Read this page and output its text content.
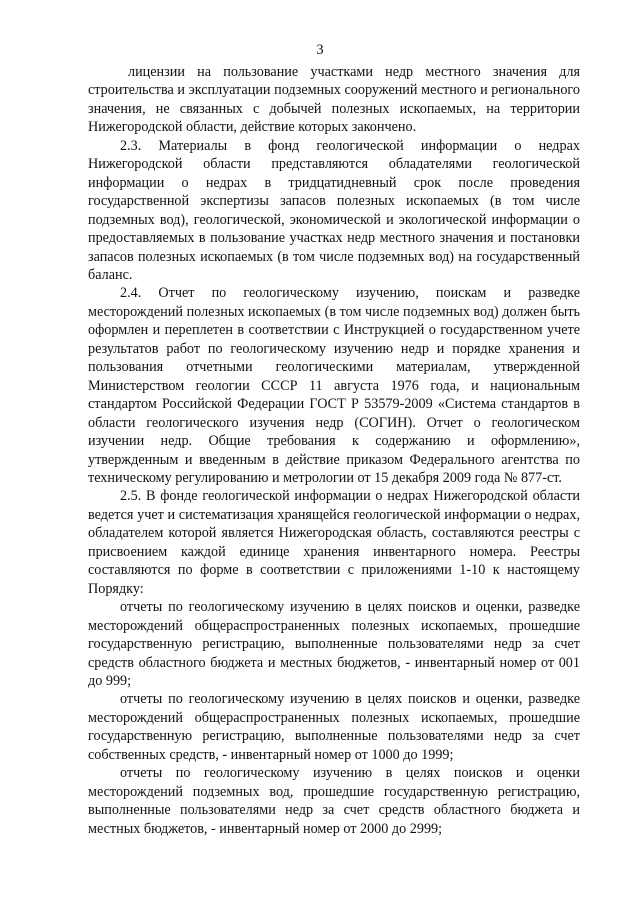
3

лицензии на пользование участками недр местного значения для строительства и эксплуатации подземных сооружений местного и регионального значения, не связанных с добычей полезных ископаемых, на территории Нижегородской области, действие которых закончено.

2.3. Материалы в фонд геологической информации о недрах Нижегородской области представляются обладателями геологической информации о недрах в тридцатидневный срок после проведения государственной экспертизы запасов полезных ископаемых (в том числе подземных вод), геологической, экономической и экологической информации о предоставляемых в пользование участках недр местного значения и постановки запасов полезных ископаемых (в том числе подземных вод) на государственный баланс.

2.4. Отчет по геологическому изучению, поискам и разведке месторождений полезных ископаемых (в том числе подземных вод) должен быть оформлен и переплетен в соответствии с Инструкцией о государственном учете результатов работ по геологическому изучению недр и порядке хранения и пользования отчетными геологическими материалам, утвержденной Министерством геологии СССР 11 августа 1976 года, и национальным стандартом Российской Федерации ГОСТ Р 53579-2009 «Система стандартов в области геологического изучения недр (СОГИН). Отчет о геологическом изучении недр. Общие требования к содержанию и оформлению», утвержденным и введенным в действие приказом Федерального агентства по техническому регулированию и метрологии от 15 декабря 2009 года № 877-ст.

2.5. В фонде геологической информации о недрах Нижегородской области ведется учет и систематизация хранящейся геологической информации о недрах, обладателем которой является Нижегородская область, составляются реестры с присвоением каждой единице хранения инвентарного номера. Реестры составляются по форме в соответствии с приложениями 1-10 к настоящему Порядку:

отчеты по геологическому изучению в целях поисков и оценки, разведке месторождений общераспространенных полезных ископаемых, прошедшие государственную регистрацию, выполненные пользователями недр за счет средств областного бюджета и местных бюджетов, - инвентарный номер от 001 до 999;

отчеты по геологическому изучению в целях поисков и оценки, разведке месторождений общераспространенных полезных ископаемых, прошедшие государственную регистрацию, выполненные пользователями недр за счет собственных средств, - инвентарный номер от 1000 до 1999;

отчеты по геологическому изучению в целях поисков и оценки месторождений подземных вод, прошедшие государственную регистрацию, выполненные пользователями недр за счет средств областного бюджета и местных бюджетов, - инвентарный номер от 2000 до 2999;
